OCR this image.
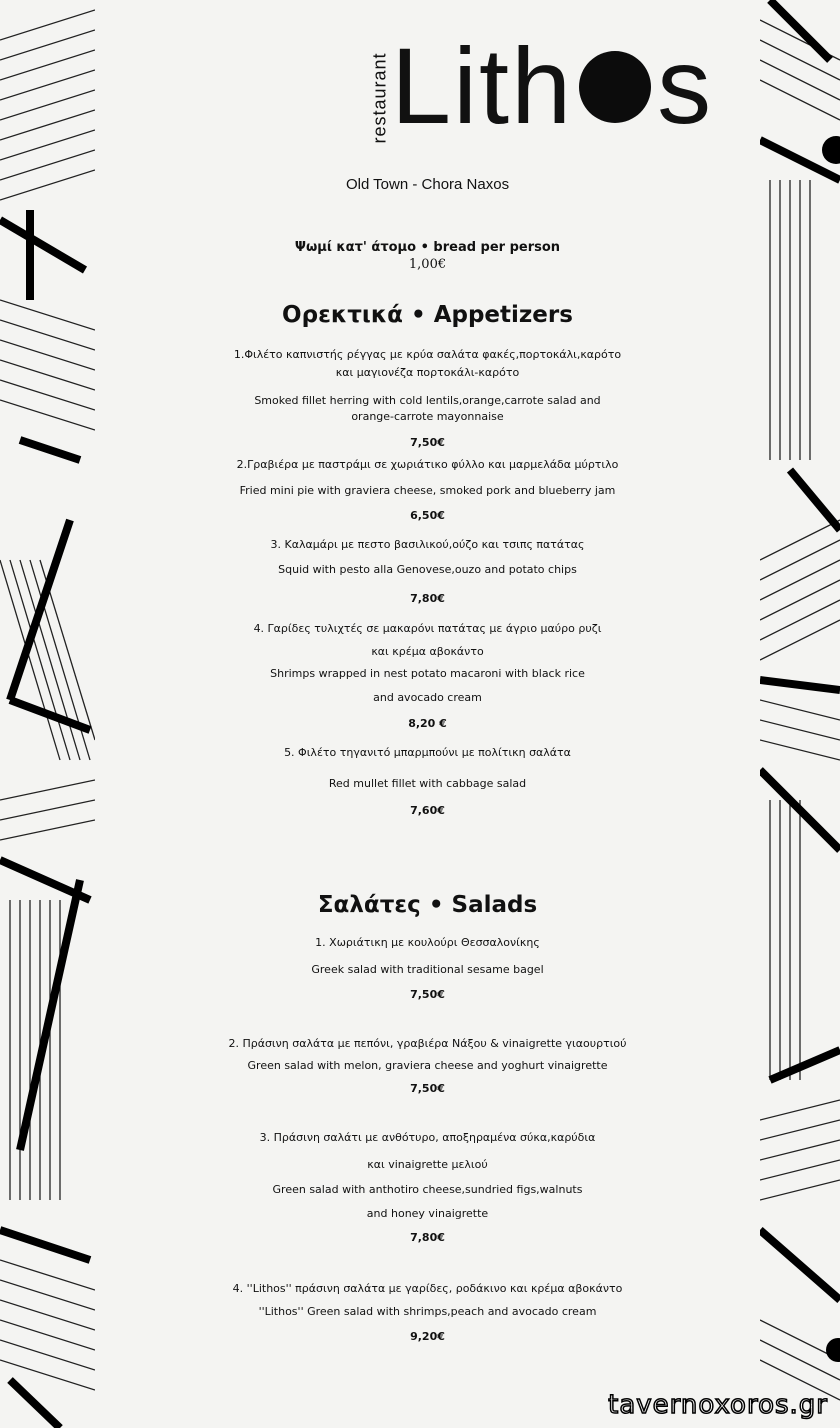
restaurant Lith s
Old Town - Chora Naxos
Ψωμί κατ' άτομο • bread per person
1,00€
Ορεκτικά • Appetizers
1.Φιλέτο καπνιστής ρέγγας με κρύα σαλάτα φακές,πορτοκάλι,καρότο
και μαγιονέζα πορτοκάλι-καρότο
Smoked fillet herring with cold lentils,orange,carrote salad and
orange-carrote mayonnaise
7,50€
2.Γραβιέρα με παστράμι σε χωριάτικο φύλλο και μαρμελάδα μύρτιλο
Fried mini pie with graviera cheese, smoked pork and blueberry jam
6,50€
3. Καλαμάρι με πεστο βασιλικού,ούζο και τσιπς πατάτας
Squid with pesto alla Genovese,ouzo and potato chips
7,80€
4. Γαρίδες τυλιχτές σε μακαρόνι πατάτας με άγριο μαύρο ρυζι
και κρέμα αβοκάντο
Shrimps wrapped in nest potato macaroni with black rice
and avocado cream
8,20 €
5. Φιλέτο τηγανιτό μπαρμπούνι με πολίτικη σαλάτα
Red mullet fillet with cabbage salad
7,60€
Σαλάτες • Salads
1. Χωριάτικη με κουλούρι Θεσσαλονίκης
Greek salad with traditional sesame bagel
7,50€
2. Πράσινη σαλάτα με πεπόνι, γραβιέρα Νάξου & vinaigrette γιαουρτιού
Green salad with melon, graviera cheese and yoghurt vinaigrette
7,50€
3. Πράσινη σαλάτι με ανθότυρο, αποξηραμένα σύκα,καρύδια
και vinaigrette μελιού
Green salad with anthotiro cheese,sundried figs,walnuts
and honey vinaigrette
7,80€
4. ''Lithos'' πράσινη σαλάτα με γαρίδες, ροδάκινο και κρέμα αβοκάντο
''Lithos'' Green salad with shrimps,peach and avocado cream
9,20€
tavernoxoros.gr
